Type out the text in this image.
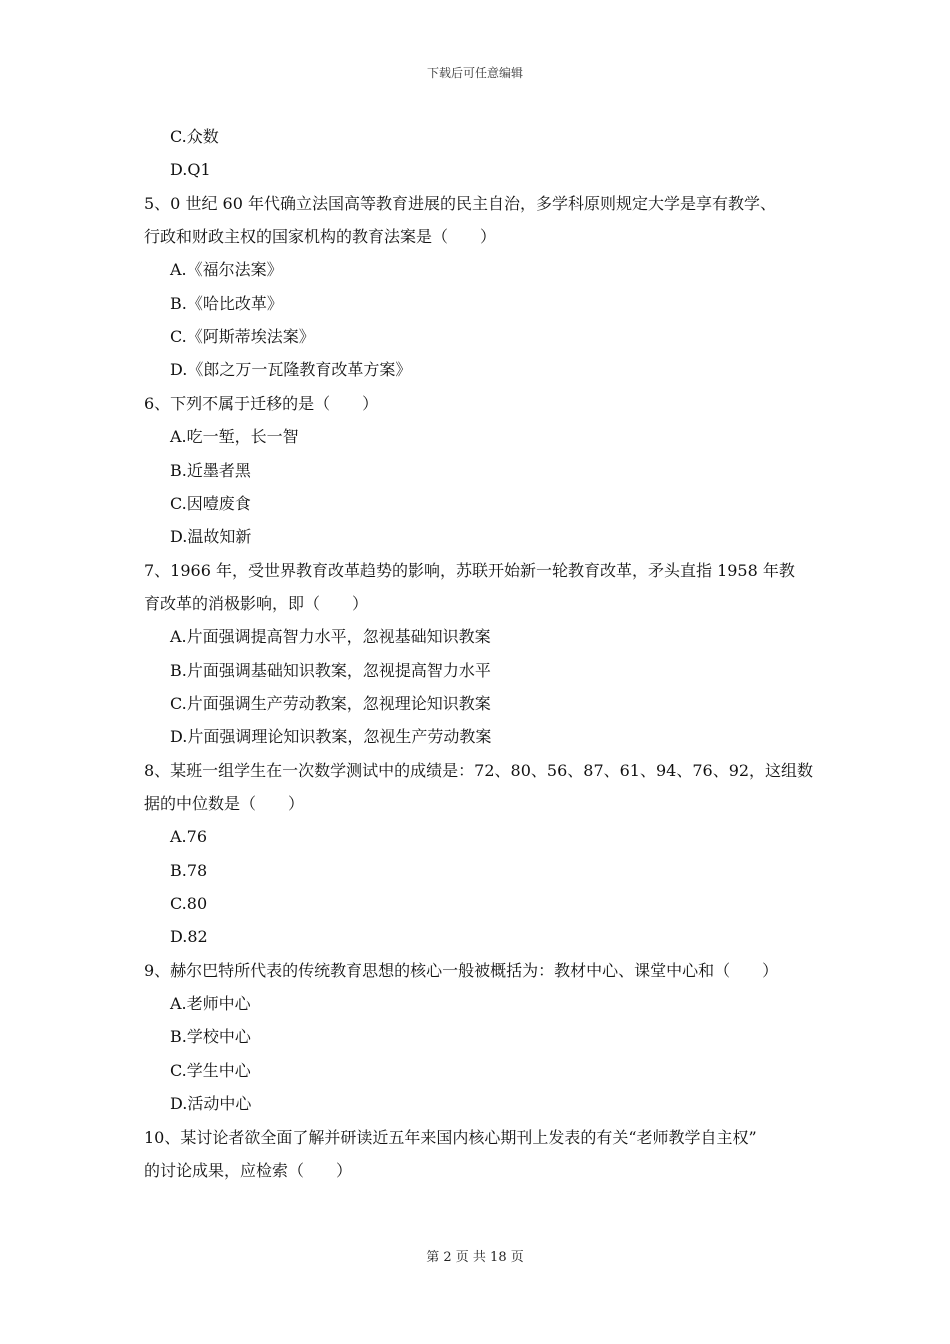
下载后可任意编辑
C.众数
D.Q1
5、0 世纪 60 年代确立法国高等教育进展的民主自治，多学科原则规定大学是享有教学、
行政和财政主权的国家机构的教育法案是（　　）
A.《福尔法案》
B.《哈比改革》
C.《阿斯蒂埃法案》
D.《郎之万一瓦隆教育改革方案》
6、下列不属于迁移的是（　　）
A.吃一堑，长一智
B.近墨者黑
C.因噎废食
D.温故知新
7、1966 年，受世界教育改革趋势的影响，苏联开始新一轮教育改革，矛头直指 1958 年教
育改革的消极影响，即（　　）
A.片面强调提高智力水平，忽视基础知识教案
B.片面强调基础知识教案，忽视提高智力水平
C.片面强调生产劳动教案，忽视理论知识教案
D.片面强调理论知识教案，忽视生产劳动教案
8、某班一组学生在一次数学测试中的成绩是：72、80、56、87、61、94、76、92，这组数
据的中位数是（　　）
A.76
B.78
C.80
D.82
9、赫尔巴特所代表的传统教育思想的核心一般被概括为：教材中心、课堂中心和（　　）
A.老师中心
B.学校中心
C.学生中心
D.活动中心
10、某讨论者欲全面了解并研读近五年来国内核心期刊上发表的有关“老师教学自主权”
的讨论成果，应检索（　　）
第 2 页 共 18 页
